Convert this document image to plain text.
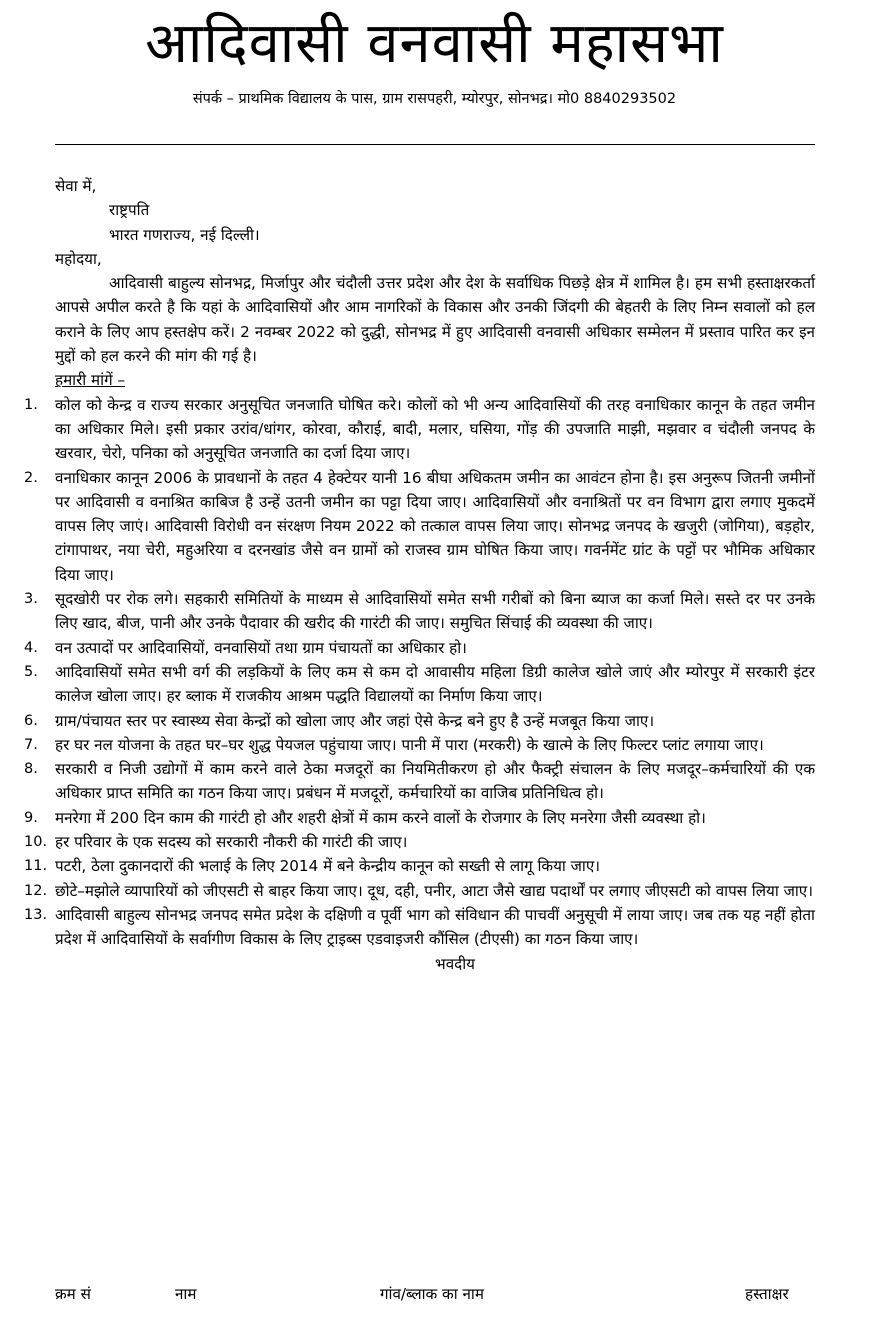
आदिवासी वनवासी महासभा
संपर्क – प्राथमिक विद्यालय के पास, ग्राम रासपहरी, म्योरपुर, सोनभद्र। मो0 8840293502

सेवा में,

राष्ट्रपति

भारत गणराज्य, नई दिल्ली।

महोदया,

आदिवासी बाहुल्य सोनभद्र, मिर्जापुर और चंदौली उत्तर प्रदेश और देश के सर्वाधिक पिछड़े क्षेत्र में शामिल है। हम सभी हस्ताक्षरकर्ता आपसे अपील करते है कि यहां के आदिवासियों और आम नागरिकों के विकास और उनकी जिंदगी की बेहतरी के लिए निम्न सवालों को हल कराने के लिए आप हस्तक्षेप करें। 2 नवम्बर 2022 को दुद्धी, सोनभद्र में हुए आदिवासी वनवासी अधिकार सम्मेलन में प्रस्ताव पारित कर इन मुद्दों को हल करने की मांग की गई है।

हमारी मांगें –

1. कोल को केन्द्र व राज्य सरकार अनुसूचित जनजाति घोषित करे। कोलों को भी अन्य आदिवासियों की तरह वनाधिकार कानून के तहत जमीन का अधिकार मिले। इसी प्रकार उरांव/धांगर, कोरवा, कौराई, बादी, मलार, घसिया, गोंड़ की उपजाति माझी, मझवार व चंदौली जनपद के खरवार, चेरो, पनिका को अनुसूचित जनजाति का दर्जा दिया जाए।
2. वनाधिकार कानून 2006 के प्रावधानों के तहत 4 हेक्टेयर यानी 16 बीघा अधिकतम जमीन का आवंटन होना है। इस अनुरूप जितनी जमीनों पर आदिवासी व वनाश्रित काबिज है उन्हें उतनी जमीन का पट्टा दिया जाए। आदिवासियों और वनाश्रितों पर वन विभाग द्वारा लगाए मुकदमें वापस लिए जाएं। आदिवासी विरोधी वन संरक्षण नियम 2022 को तत्काल वापस लिया जाए। सोनभद्र जनपद के खजुरी (जोगिया), बड़होर, टांगापाथर, नया चेरी, महुअरिया व दरनखांड जैसे वन ग्रामों को राजस्व ग्राम घोषित किया जाए। गवर्नमेंट ग्रांट के पट्टों पर भौमिक अधिकार दिया जाए।
3. सूदखोरी पर रोक लगे। सहकारी समितियों के माध्यम से आदिवासियों समेत सभी गरीबों को बिना ब्याज का कर्जा मिले। सस्ते दर पर उनके लिए खाद, बीज, पानी और उनके पैदावार की खरीद की गारंटी की जाए। समुचित सिंचाई की व्यवस्था की जाए।
4. वन उत्पादों पर आदिवासियों, वनवासियों तथा ग्राम पंचायतों का अधिकार हो।
5. आदिवासियों समेत सभी वर्ग की लड़कियों के लिए कम से कम दो आवासीय महिला डिग्री कालेज खोले जाएं और म्योरपुर में सरकारी इंटर कालेज खोला जाए। हर ब्लाक में राजकीय आश्रम पद्धति विद्यालयों का निर्माण किया जाए।
6. ग्राम/पंचायत स्तर पर स्वास्थ्य सेवा केन्द्रों को खोला जाए और जहां ऐसे केन्द्र बने हुए है उन्हें मजबूत किया जाए।
7. हर घर नल योजना के तहत घर–घर शुद्ध पेयजल पहुंचाया जाए। पानी में पारा (मरकरी) के खात्मे के लिए फिल्टर प्लांट लगाया जाए।
8. सरकारी व निजी उद्योगों में काम करने वाले ठेका मजदूरों का नियमितीकरण हो और फैक्ट्री संचालन के लिए मजदूर–कर्मचारियों की एक अधिकार प्राप्त समिति का गठन किया जाए। प्रबंधन में मजदूरों, कर्मचारियों का वाजिब प्रतिनिधित्व हो।
9. मनरेगा में 200 दिन काम की गारंटी हो और शहरी क्षेत्रों में काम करने वालों के रोजगार के लिए मनरेगा जैसी व्यवस्था हो।
10. हर परिवार के एक सदस्य को सरकारी नौकरी की गारंटी की जाए।
11. पटरी, ठेला दुकानदारों की भलाई के लिए 2014 में बने केन्द्रीय कानून को सख्ती से लागू किया जाए।
12. छोटे–मझोले व्यापारियों को जीएसटी से बाहर किया जाए। दूध, दही, पनीर, आटा जैसे खाद्य पदार्थों पर लगाए जीएसटी को वापस लिया जाए।
13. आदिवासी बाहुल्य सोनभद्र जनपद समेत प्रदेश के दक्षिणी व पूर्वी भाग को संविधान की पाचवीं अनुसूची में लाया जाए। जब तक यह नहीं होता प्रदेश में आदिवासियों के सर्वागीण विकास के लिए ट्राइब्स एडवाइजरी कौंसिल (टीएसी) का गठन किया जाए।

भवदीय

क्रम सं	नाम	गांव/ब्लाक का नाम	हस्ताक्षर
